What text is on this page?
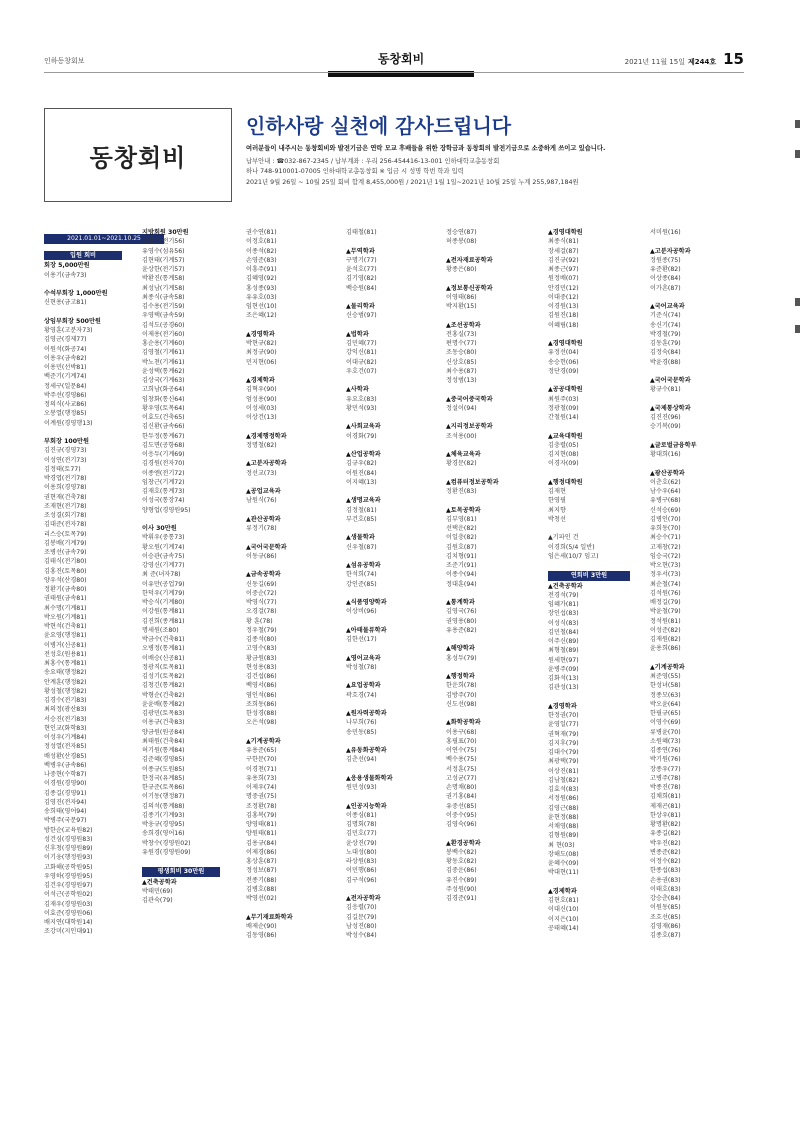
인하동창회보	동창회비	2021년 11월 15일 제244호 15
동창회비
인하사랑 실천에 감사드립니다
여러분들이 내주시는 동창회비와 발전기금은 연락 모교 후배들을 위한 장학금과 동창회의 발전기금으로 소중하게 쓰이고 있습니다.
납부안내 : ☎032-867-2345 / 납부계좌 : 우리 256-454416-13-001 인하대학교총동창회
하나 748-910001-07005 인하대학교총동창회 ※ 입금 시 성명 학번 학과 입력
2021년 9월 26일 ~ 10월 25일 회비 합계 8,455,000원 / 2021년 1월 1일~2021년 10월 25일 누계 255,987,184원
2021.01.01~2021.10.25
입원 회비
회장 5,000만원
이용기(금속73)
수석부회장 1,000만원
신현용(금고81)
상임부회장 500만원
황영훈(고분자73)
김영군(경제77)
이원석(화공74)
이용우(금속82)
이용민(선박81)
백준기(기계74)
정세구(일문84)
박주선(경영86)
정의식(사교86)
오봉열(행정85)
이계원(경영행13)
부회장 100만원
김진규(경영73)
이성연(전기73)
김정태(토77)
박경엽(전기78)
이용희(경영78)
권현재(건축78)
조재현(전기78)
조성결(회기78)
김대준(전자78)
리스승(토목79)
김봉배(기계79)
조병선(금속79)
김태식(전기80)
김홍진(토목80)
양우석(산경80)
정환기(금속80)
권태원(금속81)
최수명(기계81)
박오원(기계81)
박현석(건축81)
윤요영(행정81)
이병거(신공81)
전성호(원용81)
최홍수(통계81)
송요태(행정82)
안계훈(행정82)
황성철(행정82)
김경수(전기83)
최의정(광산83)
서승진(전기83)
현인교(화학83)
이성우(기계84)
정성열(전자85)
배성환(산경85)
백병우(금속86)
나중현(수학87)
이경원(경영90)
김종길(경영91)
김영진(전자94)
송희태(영어94)
박병주(국문97)
방한순(교육원82)
성건심(경영원83)
신후청(경영원89)
이기웅(행정원93)
고화해(공학원95)
우영하(경영원95)
김건우(경영원97)
이석근(공학원02)
김재우(경영원03)
이효준(경영원06)
배지연(대학원14)
조강미(지인대91)
지방회원 30만원
조영주(전기56)
유영수(섬유56)
김현태(기계57)
윤상한(전기57)
박환진(통계58)
최성남(기계58)
최종식(금속58)
김수용(전기59)
우영택(금속59)
김석도(공경60)
이제용(전기60)
홍순용(기계60)
김영철(기계61)
박노천(기계61)
윤성택(통계62)
김상국(기계63)
고희남(화공64)
임창화(통신64)
황우영(토목64)
이효도(건축65)
김신환(금속66)
한두정(통계67)
김도면(공항68)
이응두(기계69)
김경원(전자70)
이종엔(전기72)
임창근(기계72)
김재호(통계73)
이성국(통장74)
양형업(경영원95)
이사 30만원
박휘우(중통73)
황오원(기계74)
이승관(금속75)
강영신(기계77)
최 준(녀자78)
이유만(공업79)
한덕우(기계79)
박승식(기계80)
이강원(통계81)
김진희(종계81)
명세원(조80)
박금수(건축81)
오병정(통계81)
이배승(신공81)
정광직(토목81)
김성기(토목82)
김청긴(통계82)
박형순(건축82)
윤윤배(통계82)
김광민(토목83)
이용규(건축83)
양금원(원공84)
최태원(건축84)
허기원(통계84)
김준혜(경영85)
이종규(도원85)
한정국(유계85)
한규준(토목86)
이기동(행정87)
김의석(통계88)
김종기(기계93)
박웅규(경영95)
송희경(영어16)
박창수(경영원02)
유원경(경영원09)
평생회비 30만원
▲건축공학과
박태민(69)
김관숙(79)
권수연(81)
이정호(81)
이종석(82)
손영준(83)
이흥주(91)
김혜영(92)
홍성종(93)
유유호(03)
임현선(10)
조은혜(12)
▲경영학과
박현규(82)
최정규(90)
민지현(06)
▲경제학과
김혁우(90)
엄성용(90)
이성세(03)
이상건(13)
▲경제행정학과
정명철(82)
▲고분자공학과
정선교(73)
▲공업교육과
남원식(76)
▲관산공학과
류정기(78)
▲국어국문학과
이동규(86)
▲금속공학과
신동길(69)
이중순(72)
박영식(77)
오경걸(78)
황 훈(78)
정우철(79)
김종석(80)
고영수(83)
황금원(83)
현성용(83)
김건섭(86)
백영서(86)
염인석(86)
조희동(86)
한성경(88)
오은석(98)
▲기계공학과
유용준(65)
구한문(70)
이경천(71)
유용희(73)
이제우(74)
명중권(75)
조정환(78)
김홍복(79)
양영태(81)
양원태(81)
김용규(84)
이제경(86)
홍상훈(87)
정성보(87)
전종기(88)
김병호(88)
박영선(02)
▲무기재료화학과
배제순(90)
김동영(86)
김태철(81)
▲무역학과
구명기(77)
윤석호(77)
김기영(82)
백승원(84)
▲물리학과
신승범(97)
▲법학과
김민혜(77)
강익신(81)
이대규(82)
우호건(07)
▲사학과
유요호(83)
황민석(93)
▲사회교육과
이경화(79)
▲산업공학과
김규우(82)
이원진(84)
이지혜(13)
▲생명교육과
김정철(81)
부건호(85)
▲생물학과
신우철(87)
▲섬유공학과
한석희(74)
강인준(85)
▲식품영양학과
이상비(96)
▲아태물류학과
김한선(17)
▲영어교육과
박성철(78)
▲요업공학과
곽흐경(74)
▲원자력공학과
나부희(76)
송민동(85)
▲유동화공학과
김춘선(94)
▲응용생물화학과
원민성(93)
▲인공지능학과
이종심(81)
김명회(78)
김민호(77)
윤상진(79)
노대성(80)
라상원(83)
이민행(86)
김구석(96)
▲전자공학과
김응렬(70)
김길문(79)
남성진(80)
박성수(84)
정승연(87)
허종봉(08)
▲전자재료공학과
황종은(80)
▲정보통신공학과
이영태(86)
박지환(15)
▲조선공학과
전홍실(73)
편명수(77)
조동승(80)
신상호(85)
최수용(87)
정성범(13)
▲중국어중국학과
정설이(94)
▲지리정보공학과
조석용(00)
▲체육교육과
황경문(82)
▲컴퓨터정보공학과
정환진(83)
▲토목공학과
김부영(81)
선택운(82)
이일충(82)
김원호(87)
김치형(91)
조준기(91)
이종수(94)
정대훈(94)
▲통계학과
김영국(76)
권영용(80)
유용준(82)
▲해양학과
홍성두(79)
▲행정학과
한운희(78)
김방주(70)
신도선(98)
▲화학공학과
이용구(68)
홍필표(70)
이연수(75)
백수용(75)
서정훈(75)
고성균(77)
손명채(80)
권기홍(84)
유중선(85)
이중수(95)
김영숙(96)
▲환경공학과
봉백수(82)
황동호(82)
김중운(86)
유진수(89)
주성원(90)
김경준(91)
▲경영대학원
최종식(81)
장세걸(87)
김진규(92)
최종근(97)
원정배(07)
안경민(12)
이대중(12)
이경원(13)
김원진(18)
이혜림(18)
▲경영대학원
유정선(04)
송승헌(06)
정단경(09)
▲공공대학원
최원주(03)
정광철(09)
간철원(14)
▲교육대학원
김충렬(05)
김지현(08)
이경자(09)
▲행정대학원
김재현
한영필
최지향
박청선
▲기파인 건
이경희(5/4 일반)
임은세(10/7 임고)
연회비 3만원
▲건축공학과
전경석(79)
임혜가(81)
장인섭(83)
이성식(83)
김민철(84)
이주신(89)
최형철(89)
원세현(97)
윤병주(09)
김화석(13)
김관성(13)
▲경영학과
한정권(70)
윤영일(77)
권혁재(79)
김지후(79)
김대수(79)
최광택(79)
이상진(81)
김남철(82)
김효석(83)
서정원(86)
김영근(88)
윤현정(88)
서채영(88)
김형원(89)
최 현(03)
장해도(08)
윤혜수(09)
박대현(11)
▲경제학과
김현호(81)
이대신(10)
이지은(10)
공태혜(14)
서미원(16)
▲고분자공학과
정원종(75)
유준환(82)
이상종(84)
이가흔(87)
▲국어교육과
기준식(74)
송신기(74)
박경철(79)
김동훈(79)
김정숙(84)
박윤경(88)
▲국어국문학과
황규수(81)
▲국제통상학과
김진진(96)
승기복(09)
▲글로벌금융학부
황대희(16)
▲광산공학과
이춘호(62)
남수우(64)
유병구(68)
신석승(69)
김병인(70)
유희동(70)
최승수(71)
고재창(72)
임승국(72)
박오현(73)
정우서(73)
최순철(74)
김석원(76)
배정길(79)
박윤철(79)
정석원(81)
이성준(82)
김재원(82)
윤용희(86)
▲기계공학과
최준영(55)
한성녀(58)
정종모(63)
박오윤(64)
한필규(65)
이영수(69)
류병윤(70)
소원혜(73)
김종연(76)
박기원(76)
장종우(77)
고병주(78)
박종진(78)
김채희(81)
제재곤(81)
한상우(81)
황명환(82)
유종길(82)
박우진(82)
변종준(82)
이정수(82)
한종섭(83)
손용권(83)
이태호(83)
강승춘(84)
이원동(85)
조흐선(85)
김영재(86)
김종호(87)
